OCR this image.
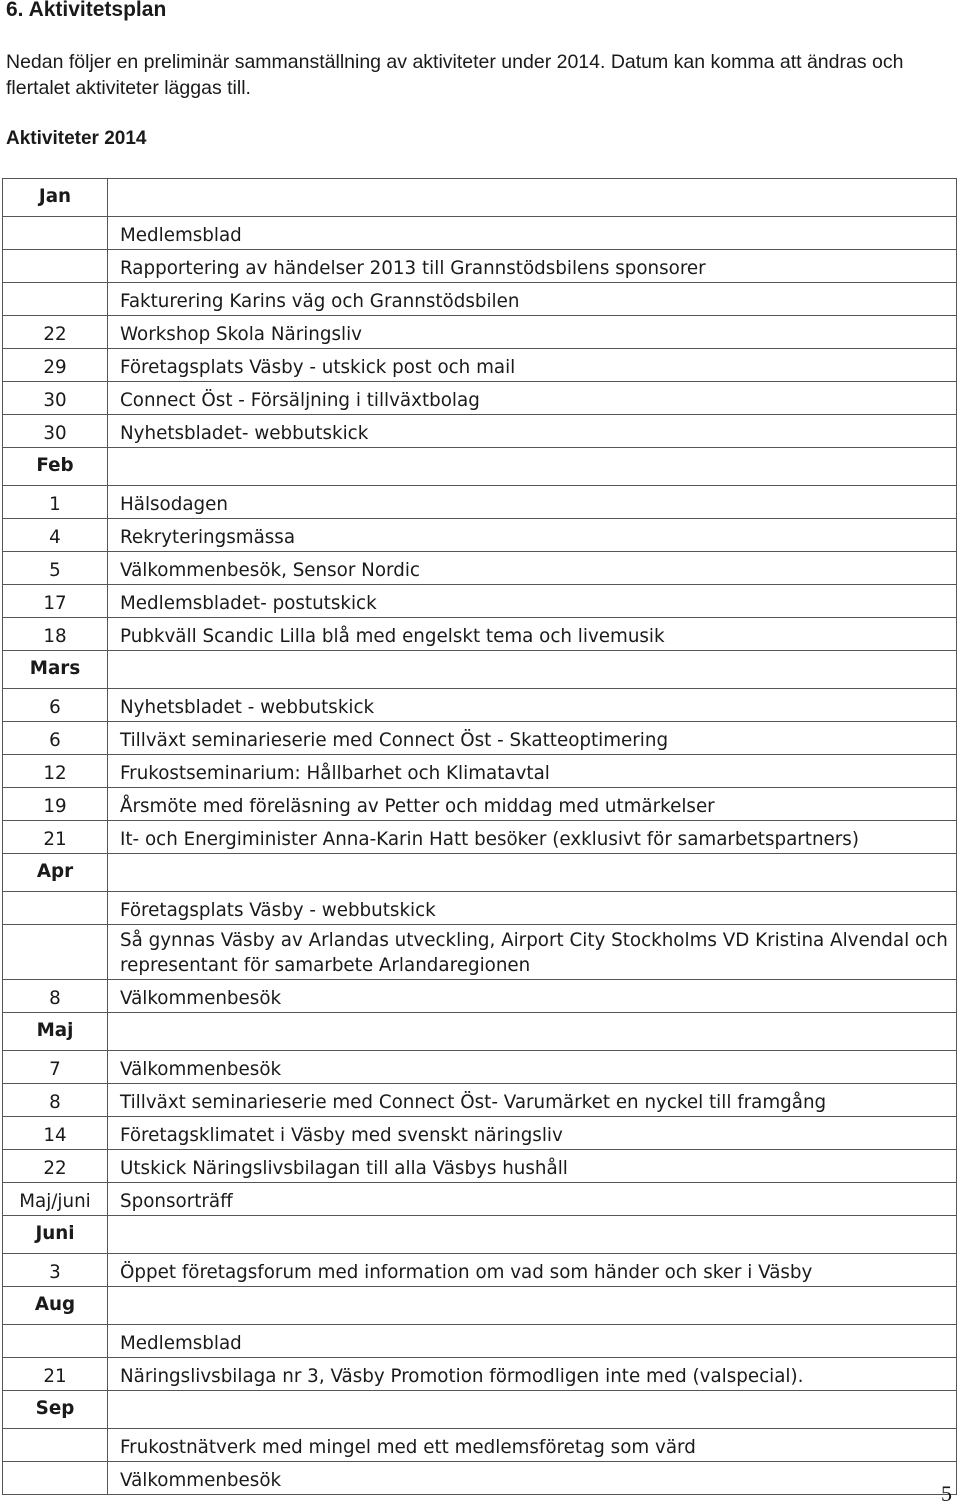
6. Aktivitetsplan

Nedan följer en preliminär sammanställning av aktiviteter under 2014. Datum kan komma att ändras och flertalet aktiviteter läggas till.

Aktiviteter 2014

Jan	
	Medlemsblad
	Rapportering av händelser 2013 till Grannstödsbilens sponsorer
	Fakturering Karins väg och Grannstödsbilen
22	Workshop Skola Näringsliv
29	Företagsplats Väsby - utskick post och mail
30	Connect Öst - Försäljning i tillväxtbolag
30	Nyhetsbladet- webbutskick
Feb	
1	Hälsodagen
4	Rekryteringsmässa
5	Välkommenbesök, Sensor Nordic
17	Medlemsbladet- postutskick
18	Pubkväll Scandic Lilla blå med engelskt tema och livemusik
Mars	
6	Nyhetsbladet - webbutskick
6	Tillväxt seminarieserie med Connect Öst - Skatteoptimering
12	Frukostseminarium: Hållbarhet och Klimatavtal
19	Årsmöte med föreläsning av Petter och middag med utmärkelser
21	It- och Energiminister Anna-Karin Hatt besöker (exklusivt för samarbetspartners)
Apr	
	Företagsplats Väsby - webbutskick
	Så gynnas Väsby av Arlandas utveckling, Airport City Stockholms VD Kristina Alvendal och representant för samarbete Arlandaregionen
8	Välkommenbesök
Maj	
7	Välkommenbesök
8	Tillväxt seminarieserie med Connect Öst- Varumärket en nyckel till framgång
14	Företagsklimatet i Väsby med svenskt näringsliv
22	Utskick Näringslivsbilagan till alla Väsbys hushåll
Maj/juni	Sponsorträff
Juni	
3	Öppet företagsforum med information om vad som händer och sker i Väsby
Aug	
	Medlemsblad
21	Näringslivsbilaga nr 3, Väsby Promotion förmodligen inte med (valspecial).
Sep	
	Frukostnätverk med mingel med ett medlemsföretag som värd
	Välkommenbesök
5
